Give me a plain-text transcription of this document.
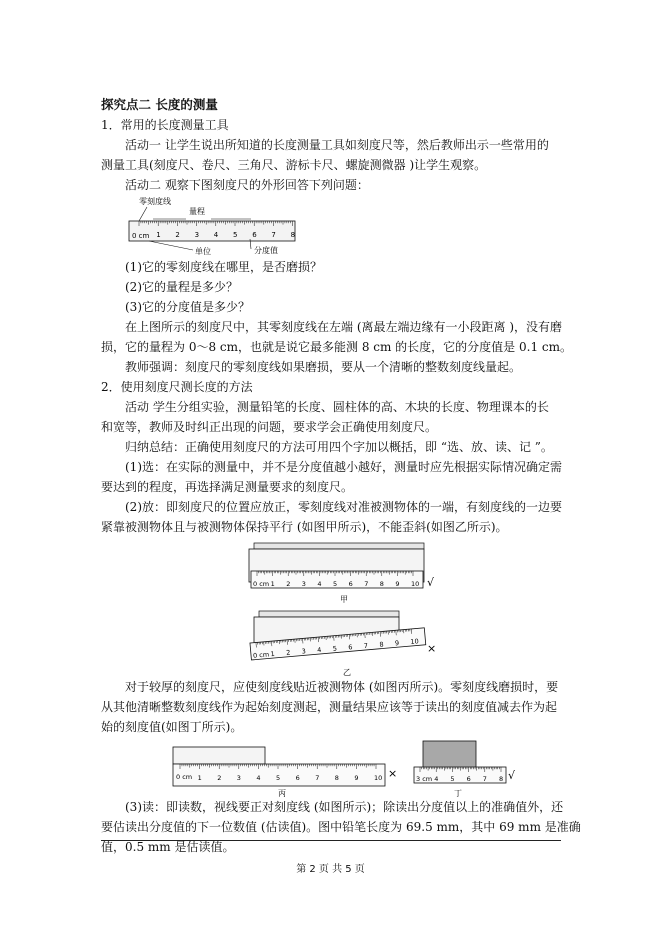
探究点二 长度的测量

1．常用的长度测量工具

活动一 让学生说出所知道的长度测量工具如刻度尺等，然后教师出示一些常用的

测量工具(刻度尺、卷尺、三角尺、游标卡尺、螺旋测微器 )让学生观察。

活动二 观察下图刻度尺的外形回答下列问题：

零刻度线
量程
1 2 3 4 5 6 7 8
0 cm
单位	分度值

(1)它的零刻度线在哪里，是否磨损？

(2)它的量程是多少？

(3)它的分度值是多少？

在上图所示的刻度尺中，其零刻度线在左端 (离最左端边缘有一小段距离 )，没有磨

损，它的量程为 0～8 cm，也就是说它最多能测 8 cm 的长度，它的分度值是 0.1 cm。

教师强调：刻度尺的零刻度线如果磨损，要从一个清晰的整数刻度线量起。

2．使用刻度尺测长度的方法

活动 学生分组实验，测量铅笔的长度、圆柱体的高、木块的长度、物理课本的长

和宽等，教师及时纠正出现的问题，要求学会正确使用刻度尺。

归纳总结：正确使用刻度尺的方法可用四个字加以概括，即 “选、放、读、记 ”。

(1)选：在实际的测量中，并不是分度值越小越好，测量时应先根据实际情况确定需

要达到的程度，再选择满足测量要求的刻度尺。

(2)放：即刻度尺的位置应放正，零刻度线对准被测物体的一端，有刻度线的一边要

紧靠被测物体且与被测物体保持平行 (如图甲所示)，不能歪斜(如图乙所示)。

1 2 3 4 5 6 7 8 9 10
0 cm	√
甲
1 2 3 4 5 6 7 8 9 10
0 cm
×
乙

对于较厚的刻度尺，应使刻度线贴近被测物体 (如图丙所示)。零刻度线磨损时，要

从其他清晰整数刻度线作为起始刻度测起，测量结果应该等于读出的刻度值减去作为起

始的刻度值(如图丁所示)。

1 2 3 4 5 6 7 8 9 10
0 cm	×
丙
4 5 6 7 8
3 cm	√
丁

(3)读：即读数，视线要正对刻度线 (如图所示)；除读出分度值以上的准确值外，还

要估读出分度值的下一位数值 (估读值)。图中铅笔长度为 69.5 mm，其中 69 mm 是准确

值，0.5 mm 是估读值。

第 2 页 共 5 页
